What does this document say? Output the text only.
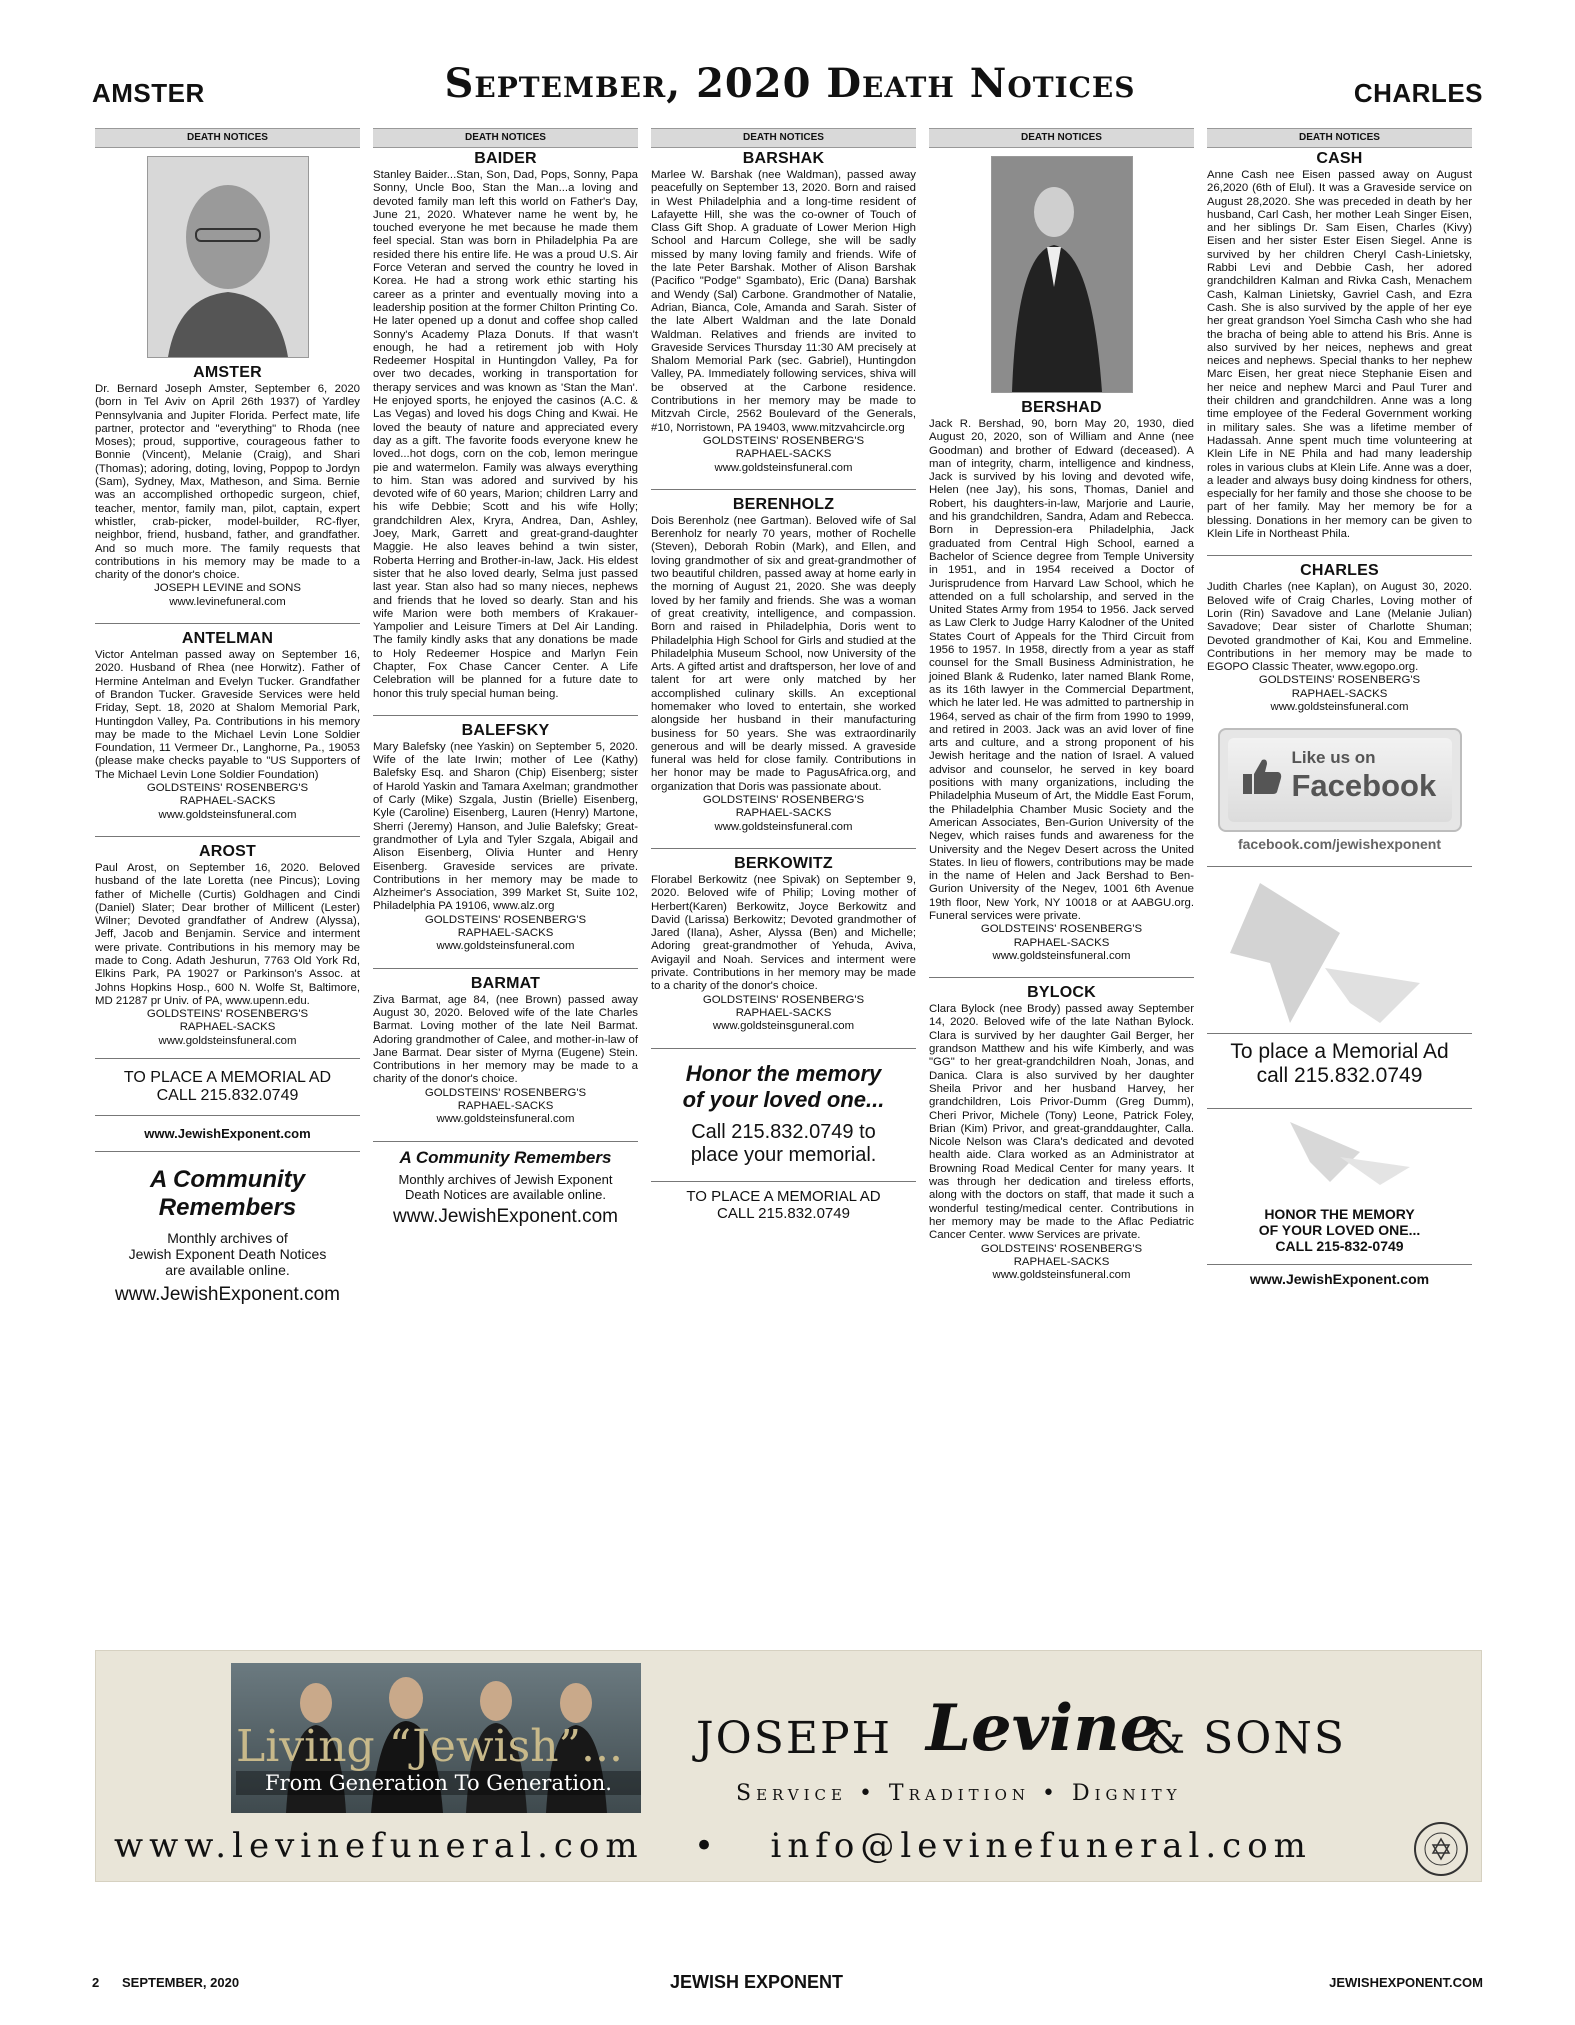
AMSTER	September, 2020 Death Notices	CHARLES
DEATH NOTICES
AMSTER

Dr. Bernard Joseph Amster, September 6, 2020 (born in Tel Aviv on April 26th 1937) of Yardley Pennsylvania and Jupiter Florida. Perfect mate, life partner, protector and "everything" to Rhoda (nee Moses); proud, supportive, courageous father to Bonnie (Vincent), Melanie (Craig), and Shari (Thomas); adoring, doting, loving, Poppop to Jordyn (Sam), Sydney, Max, Matheson, and Sima. Bernie was an accomplished orthopedic surgeon, chief, teacher, mentor, family man, pilot, captain, expert whistler, crab-picker, model-builder, RC-flyer, neighbor, friend, husband, father, and grandfather. And so much more. The family requests that contributions in his memory may be made to a charity of the donor's choice.

JOSEPH LEVINE and SONS
www.levinefuneral.com
ANTELMAN

Victor Antelman passed away on September 16, 2020. Husband of Rhea (nee Horwitz). Father of Hermine Antelman and Evelyn Tucker. Grandfather of Brandon Tucker. Graveside Services were held Friday, Sept. 18, 2020 at Shalom Memorial Park, Huntingdon Valley, Pa. Contributions in his memory may be made to the Michael Levin Lone Soldier Foundation, 11 Vermeer Dr., Langhorne, Pa., 19053 (please make checks payable to "US Supporters of The Michael Levin Lone Soldier Foundation)

GOLDSTEINS' ROSENBERG'S
RAPHAEL-SACKS
www.goldsteinsfuneral.com
AROST

Paul Arost, on September 16, 2020. Beloved husband of the late Loretta (nee Pincus); Loving father of Michelle (Curtis) Goldhagen and Cindi (Daniel) Slater; Dear brother of Millicent (Lester) Wilner; Devoted grandfather of Andrew (Alyssa), Jeff, Jacob and Benjamin. Service and interment were private. Contributions in his memory may be made to Cong. Adath Jeshurun, 7763 Old York Rd, Elkins Park, PA 19027 or Parkinson's Assoc. at Johns Hopkins Hosp., 600 N. Wolfe St, Baltimore, MD 21287 pr Univ. of PA, www.upenn.edu.

GOLDSTEINS' ROSENBERG'S
RAPHAEL-SACKS
www.goldsteinsfuneral.com
TO PLACE A MEMORIAL AD
CALL 215.832.0749
www.JewishExponent.com
A Community
Remembers
Monthly archives of
Jewish Exponent Death Notices
are available online.
www.JewishExponent.com
DEATH NOTICES
BAIDER

Stanley Baider...Stan, Son, Dad, Pops, Sonny, Papa Sonny, Uncle Boo, Stan the Man...a loving and devoted family man left this world on Father's Day, June 21, 2020. Whatever name he went by, he touched everyone he met because he made them feel special. Stan was born in Philadelphia Pa are resided there his entire life. He was a proud U.S. Air Force Veteran and served the country he loved in Korea. He had a strong work ethic starting his career as a printer and eventually moving into a leadership position at the former Chilton Printing Co. He later opened up a donut and coffee shop called Sonny's Academy Plaza Donuts. If that wasn't enough, he had a retirement job with Holy Redeemer Hospital in Huntingdon Valley, Pa for over two decades, working in transportation for therapy services and was known as 'Stan the Man'. He enjoyed sports, he enjoyed the casinos (A.C. & Las Vegas) and loved his dogs Ching and Kwai. He loved the beauty of nature and appreciated every day as a gift. The favorite foods everyone knew he loved...hot dogs, corn on the cob, lemon meringue pie and watermelon. Family was always everything to him. Stan was adored and survived by his devoted wife of 60 years, Marion; children Larry and his wife Debbie; Scott and his wife Holly; grandchildren Alex, Kryra, Andrea, Dan, Ashley, Joey, Mark, Garrett and great-grand-daughter Maggie. He also leaves behind a twin sister, Roberta Herring and Brother-in-law, Jack. His eldest sister that he also loved dearly, Selma just passed last year. Stan also had so many nieces, nephews and friends that he loved so dearly. Stan and his wife Marion were both members of Krakauer-Yampolier and Leisure Timers at Del Air Landing. The family kindly asks that any donations be made to Holy Redeemer Hospice and Marlyn Fein Chapter, Fox Chase Cancer Center. A Life Celebration will be planned for a future date to honor this truly special human being.

BALEFSKY

Mary Balefsky (nee Yaskin) on September 5, 2020. Wife of the late Irwin; mother of Lee (Kathy) Balefsky Esq. and Sharon (Chip) Eisenberg; sister of Harold Yaskin and Tamara Axelman; grandmother of Carly (Mike) Szgala, Justin (Brielle) Eisenberg, Kyle (Caroline) Eisenberg, Lauren (Henry) Martone, Sherri (Jeremy) Hanson, and Julie Balefsky; Great-grandmother of Lyla and Tyler Szgala, Abigail and Alison Eisenberg, Olivia Hunter and Henry Eisenberg. Graveside services are private. Contributions in her memory may be made to Alzheimer's Association, 399 Market St, Suite 102, Philadelphia PA 19106, www.alz.org

GOLDSTEINS' ROSENBERG'S
RAPHAEL-SACKS
www.goldsteinsfuneral.com
BARMAT

Ziva Barmat, age 84, (nee Brown) passed away August 30, 2020. Beloved wife of the late Charles Barmat. Loving mother of the late Neil Barmat. Adoring grandmother of Calee, and mother-in-law of Jane Barmat. Dear sister of Myrna (Eugene) Stein. Contributions in her memory may be made to a charity of the donor's choice.

GOLDSTEINS' ROSENBERG'S
RAPHAEL-SACKS
www.goldsteinsfuneral.com
A Community Remembers
Monthly archives of Jewish Exponent
Death Notices are available online.
www.JewishExponent.com
DEATH NOTICES
BARSHAK

Marlee W. Barshak (nee Waldman), passed away peacefully on September 13, 2020. Born and raised in West Philadelphia and a long-time resident of Lafayette Hill, she was the co-owner of Touch of Class Gift Shop. A graduate of Lower Merion High School and Harcum College, she will be sadly missed by many loving family and friends. Wife of the late Peter Barshak. Mother of Alison Barshak (Pacifico "Podge" Sgambato), Eric (Dana) Barshak and Wendy (Sal) Carbone. Grandmother of Natalie, Adrian, Bianca, Cole, Amanda and Sarah. Sister of the late Albert Waldman and the late Donald Waldman. Relatives and friends are invited to Graveside Services Thursday 11:30 AM precisely at Shalom Memorial Park (sec. Gabriel), Huntingdon Valley, PA. Immediately following services, shiva will be observed at the Carbone residence. Contributions in her memory may be made to Mitzvah Circle, 2562 Boulevard of the Generals, #10, Norristown, PA 19403, www.mitzvahcircle.org

GOLDSTEINS' ROSENBERG'S
RAPHAEL-SACKS
www.goldsteinsfuneral.com
BERENHOLZ

Dois Berenholz (nee Gartman). Beloved wife of Sal Berenholz for nearly 70 years, mother of Rochelle (Steven), Deborah Robin (Mark), and Ellen, and loving grandmother of six and great-grandmother of two beautiful children, passed away at home early in the morning of August 21, 2020. She was deeply loved by her family and friends. She was a woman of great creativity, intelligence, and compassion. Born and raised in Philadelphia, Doris went to Philadelphia High School for Girls and studied at the Philadelphia Museum School, now University of the Arts. A gifted artist and draftsperson, her love of and talent for art were only matched by her accomplished culinary skills. An exceptional homemaker who loved to entertain, she worked alongside her husband in their manufacturing business for 50 years. She was extraordinarily generous and will be dearly missed. A graveside funeral was held for close family. Contributions in her honor may be made to PagusAfrica.org, and organization that Doris was passionate about.

GOLDSTEINS' ROSENBERG'S
RAPHAEL-SACKS
www.goldsteinsfuneral.com
BERKOWITZ

Florabel Berkowitz (nee Spivak) on September 9, 2020. Beloved wife of Philip; Loving mother of Herbert(Karen) Berkowitz, Joyce Berkowitz and David (Larissa) Berkowitz; Devoted grandmother of Jared (Ilana), Asher, Alyssa (Ben) and Michelle; Adoring great-grandmother of Yehuda, Aviva, Avigayil and Noah. Services and interment were private. Contributions in her memory may be made to a charity of the donor's choice.

GOLDSTEINS' ROSENBERG'S
RAPHAEL-SACKS
www.goldsteinsguneral.com
Honor the memory
of your loved one...
Call 215.832.0749 to
place your memorial.
TO PLACE A MEMORIAL AD
CALL 215.832.0749
DEATH NOTICES
BERSHAD

Jack R. Bershad, 90, born May 20, 1930, died August 20, 2020, son of William and Anne (nee Goodman) and brother of Edward (deceased). A man of integrity, charm, intelligence and kindness, Jack is survived by his loving and devoted wife, Helen (nee Jay), his sons, Thomas, Daniel and Robert, his daughters-in-law, Marjorie and Laurie, and his grandchildren, Sandra, Adam and Rebecca. Born in Depression-era Philadelphia, Jack graduated from Central High School, earned a Bachelor of Science degree from Temple University in 1951, and in 1954 received a Doctor of Jurisprudence from Harvard Law School, which he attended on a full scholarship, and served in the United States Army from 1954 to 1956. Jack served as Law Clerk to Judge Harry Kalodner of the United States Court of Appeals for the Third Circuit from 1956 to 1957. In 1958, directly from a year as staff counsel for the Small Business Administration, he joined Blank & Rudenko, later named Blank Rome, as its 16th lawyer in the Commercial Department, which he later led. He was admitted to partnership in 1964, served as chair of the firm from 1990 to 1999, and retired in 2003. Jack was an avid lover of fine arts and culture, and a strong proponent of his Jewish heritage and the nation of Israel. A valued advisor and counselor, he served in key board positions with many organizations, including the Philadelphia Museum of Art, the Middle East Forum, the Philadelphia Chamber Music Society and the American Associates, Ben-Gurion University of the Negev, which raises funds and awareness for the University and the Negev Desert across the United States. In lieu of flowers, contributions may be made in the name of Helen and Jack Bershad to Ben-Gurion University of the Negev, 1001 6th Avenue 19th floor, New York, NY 10018 or at AABGU.org. Funeral services were private.

GOLDSTEINS' ROSENBERG'S
RAPHAEL-SACKS
www.goldsteinsfuneral.com
BYLOCK

Clara Bylock (nee Brody) passed away September 14, 2020. Beloved wife of the late Nathan Bylock. Clara is survived by her daughter Gail Berger, her grandson Matthew and his wife Kimberly, and was "GG" to her great-grandchildren Noah, Jonas, and Danica. Clara is also survived by her daughter Sheila Privor and her husband Harvey, her grandchildren, Lois Privor-Dumm (Greg Dumm), Cheri Privor, Michele (Tony) Leone, Patrick Foley, Brian (Kim) Privor, and great-granddaughter, Calla. Nicole Nelson was Clara's dedicated and devoted health aide. Clara worked as an Administrator at Browning Road Medical Center for many years. It was through her dedication and tireless efforts, along with the doctors on staff, that made it such a wonderful testing/medical center. Contributions in her memory may be made to the Aflac Pediatric Cancer Center. www Services are private.

GOLDSTEINS' ROSENBERG'S
RAPHAEL-SACKS
www.goldsteinsfuneral.com
DEATH NOTICES
CASH

Anne Cash nee Eisen passed away on August 26,2020 (6th of Elul). It was a Graveside service on August 28,2020. She was preceded in death by her husband, Carl Cash, her mother Leah Singer Eisen, and her siblings Dr. Sam Eisen, Charles (Kivy) Eisen and her sister Ester Eisen Siegel. Anne is survived by her children Cheryl Cash-Linietsky, Rabbi Levi and Debbie Cash, her adored grandchildren Kalman and Rivka Cash, Menachem Cash, Kalman Linietsky, Gavriel Cash, and Ezra Cash. She is also survived by the apple of her eye her great grandson Yoel Simcha Cash who she had the bracha of being able to attend his Bris. Anne is also survived by her neices, nephews and great neices and nephews. Special thanks to her nephew Marc Eisen, her great niece Stephanie Eisen and her neice and nephew Marci and Paul Turer and their children and grandchildren. Anne was a long time employee of the Federal Government working in military sales. She was a lifetime member of Hadassah. Anne spent much time volunteering at Klein Life in NE Phila and had many leadership roles in various clubs at Klein Life. Anne was a doer, a leader and always busy doing kindness for others, especially for her family and those she choose to be part of her family. May her memory be for a blessing. Donations in her memory can be given to Klein Life in Northeast Phila.

CHARLES

Judith Charles (nee Kaplan), on August 30, 2020. Beloved wife of Craig Charles, Loving mother of Lorin (Rin) Savadove and Lane (Melanie Julian) Savadove; Dear sister of Charlotte Shuman; Devoted grandmother of Kai, Kou and Emmeline. Contributions in her memory may be made to EGOPO Classic Theater, www.egopo.org.

GOLDSTEINS' ROSENBERG'S
RAPHAEL-SACKS
www.goldsteinsfuneral.com
Like us on
Facebook
facebook.com/jewishexponent
To place a Memorial Ad
call 215.832.0749
HONOR THE MEMORY
OF YOUR LOVED ONE...
CALL 215-832-0749
www.JewishExponent.com
Living “Jewish”...
From Generation To Generation.
JOSEPH Levine
& SONS
Service • Tradition • Dignity
www.levinefuneral.com   •   info@levinefuneral.com
2 SEPTEMBER, 2020	JEWISH EXPONENT	JEWISHEXPONENT.COM
